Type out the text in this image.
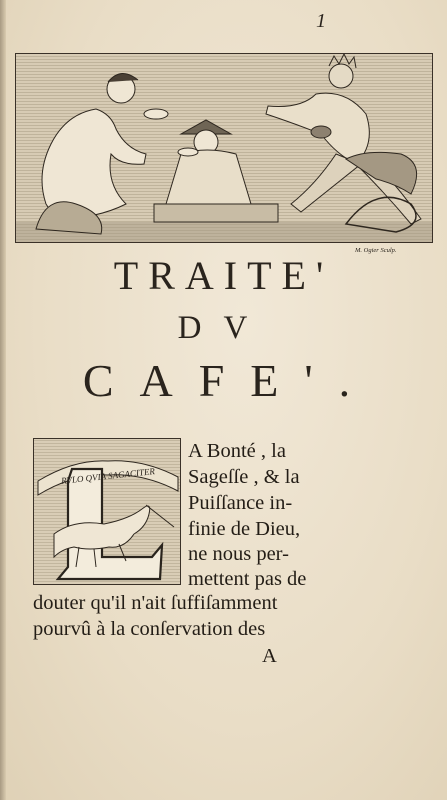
1
M. Ogier Sculp.
TRAITE'
DV
CAFE'.
RVLO QVIA SAGACITER
A Bonté , la
Sageſſe , & la
Puiſſance in-
finie de Dieu,
ne nous per-
mettent pas de
douter qu'il n'ait ſuffiſamment
pourvû à la conſervation des
A
